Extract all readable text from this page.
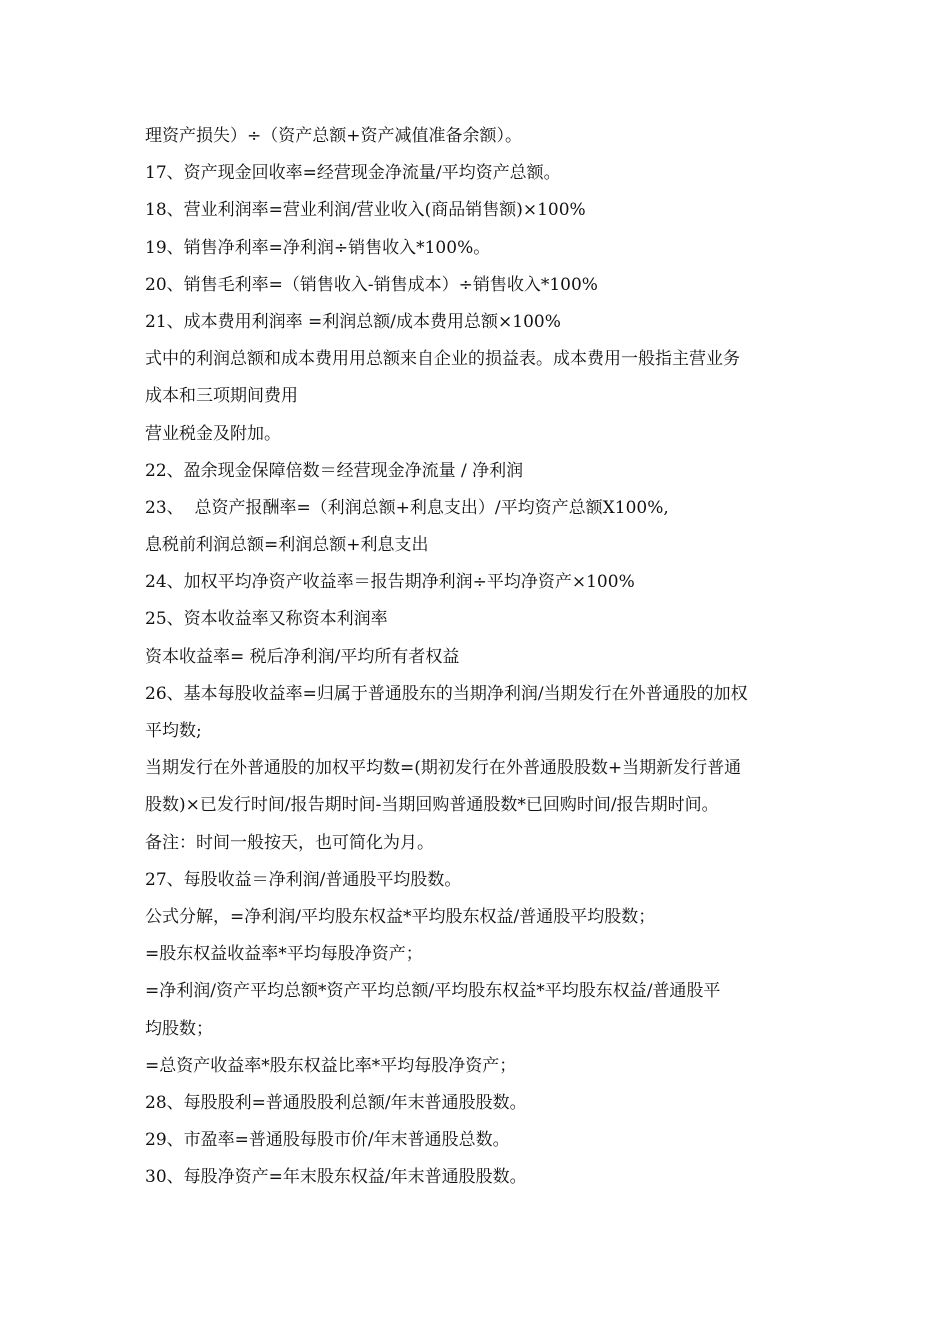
理资产损失）÷（资产总额+资产减值准备余额）。
17、资产现金回收率=经营现金净流量/平均资产总额。
18、营业利润率=营业利润/营业收入(商品销售额)×100%
19、销售净利率=净利润÷销售收入*100%。
20、销售毛利率=（销售收入-销售成本）÷销售收入*100%
21、成本费用利润率 =利润总额/成本费用总额×100%
式中的利润总额和成本费用用总额来自企业的损益表。成本费用一般指主营业务
成本和三项期间费用
营业税金及附加。
22、盈余现金保障倍数＝经营现金净流量 / 净利润
23、  总资产报酬率=（利润总额+利息支出）/平均资产总额X100%,
息税前利润总额=利润总额+利息支出
24、加权平均净资产收益率＝报告期净利润÷平均净资产×100%
25、资本收益率又称资本利润率
资本收益率= 税后净利润/平均所有者权益
26、基本每股收益率=归属于普通股东的当期净利润/当期发行在外普通股的加权
平均数;
当期发行在外普通股的加权平均数=(期初发行在外普通股股数+当期新发行普通
股数)×已发行时间/报告期时间-当期回购普通股数*已回购时间/报告期时间。
备注：时间一般按天，也可简化为月。
27、每股收益＝净利润/普通股平均股数。
公式分解，=净利润/平均股东权益*平均股东权益/普通股平均股数；
=股东权益收益率*平均每股净资产；
=净利润/资产平均总额*资产平均总额/平均股东权益*平均股东权益/普通股平
均股数；
=总资产收益率*股东权益比率*平均每股净资产；
28、每股股利=普通股股利总额/年末普通股股数。
29、市盈率=普通股每股市价/年末普通股总数。
30、每股净资产=年末股东权益/年末普通股股数。
